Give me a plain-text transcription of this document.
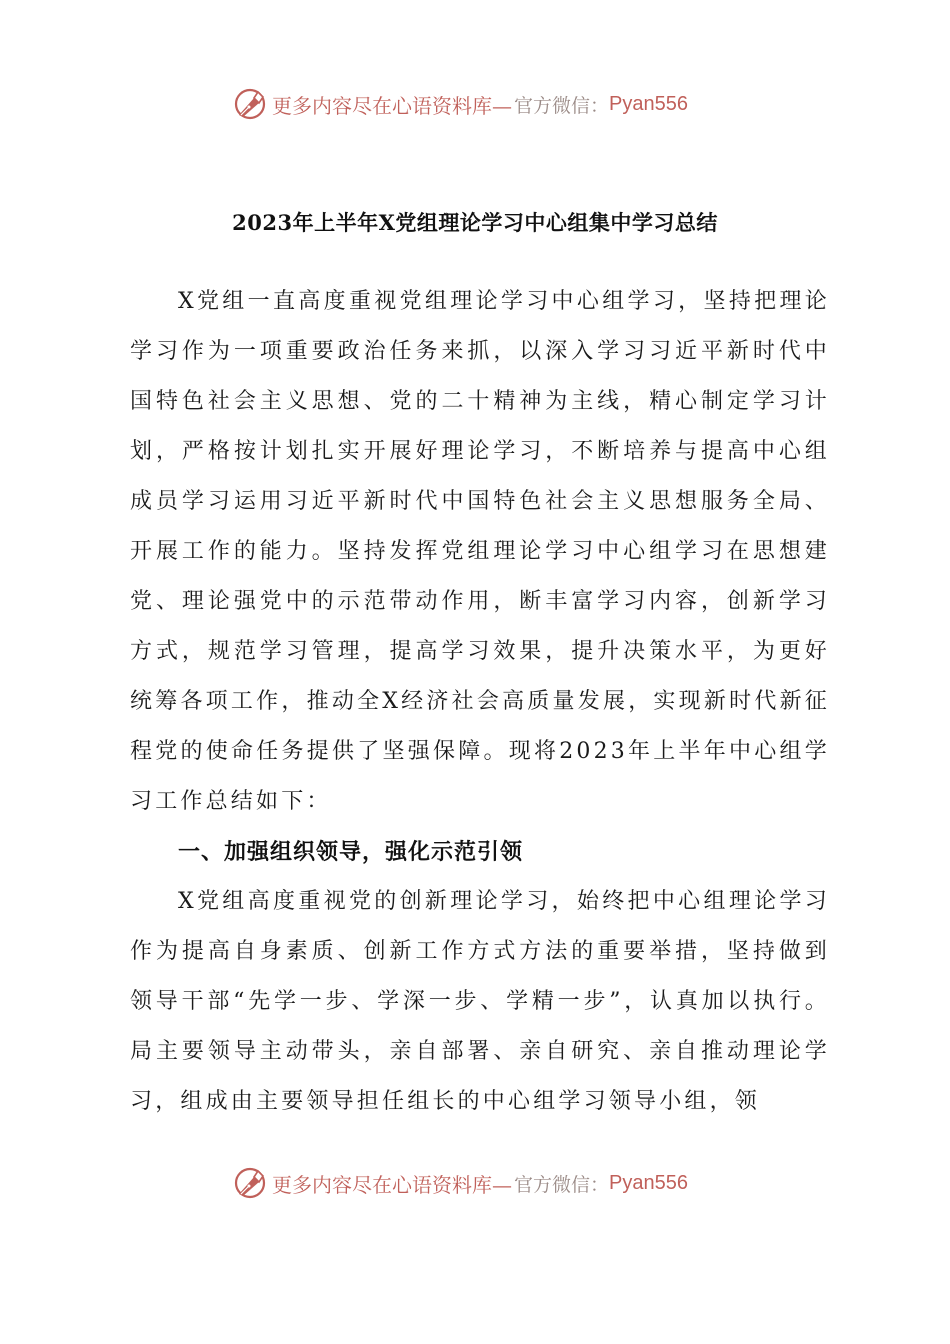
更多内容尽在心语资料库— 官方微信： Pyan556
2023年上半年X党组理论学习中心组集中学习总结

X党组一直高度重视党组理论学习中心组学习，坚持把理论学习作为一项重要政治任务来抓，以深入学习习近平新时代中国特色社会主义思想、党的二十精神为主线，精心制定学习计划，严格按计划扎实开展好理论学习，不断培养与提高中心组成员学习运用习近平新时代中国特色社会主义思想服务全局、开展工作的能力。坚持发挥党组理论学习中心组学习在思想建党、理论强党中的示范带动作用，断丰富学习内容，创新学习方式，规范学习管理，提高学习效果，提升决策水平，为更好统筹各项工作，推动全X经济社会高质量发展，实现新时代新征程党的使命任务提供了坚强保障。现将2023年上半年中心组学习工作总结如下：

一、加强组织领导，强化示范引领

X党组高度重视党的创新理论学习，始终把中心组理论学习作为提高自身素质、创新工作方式方法的重要举措，坚持做到领导干部“先学一步、学深一步、学精一步”，认真加以执行。局主要领导主动带头，亲自部署、亲自研究、亲自推动理论学习，组成由主要领导担任组长的中心组学习领导小组，领

更多内容尽在心语资料库— 官方微信： Pyan556
